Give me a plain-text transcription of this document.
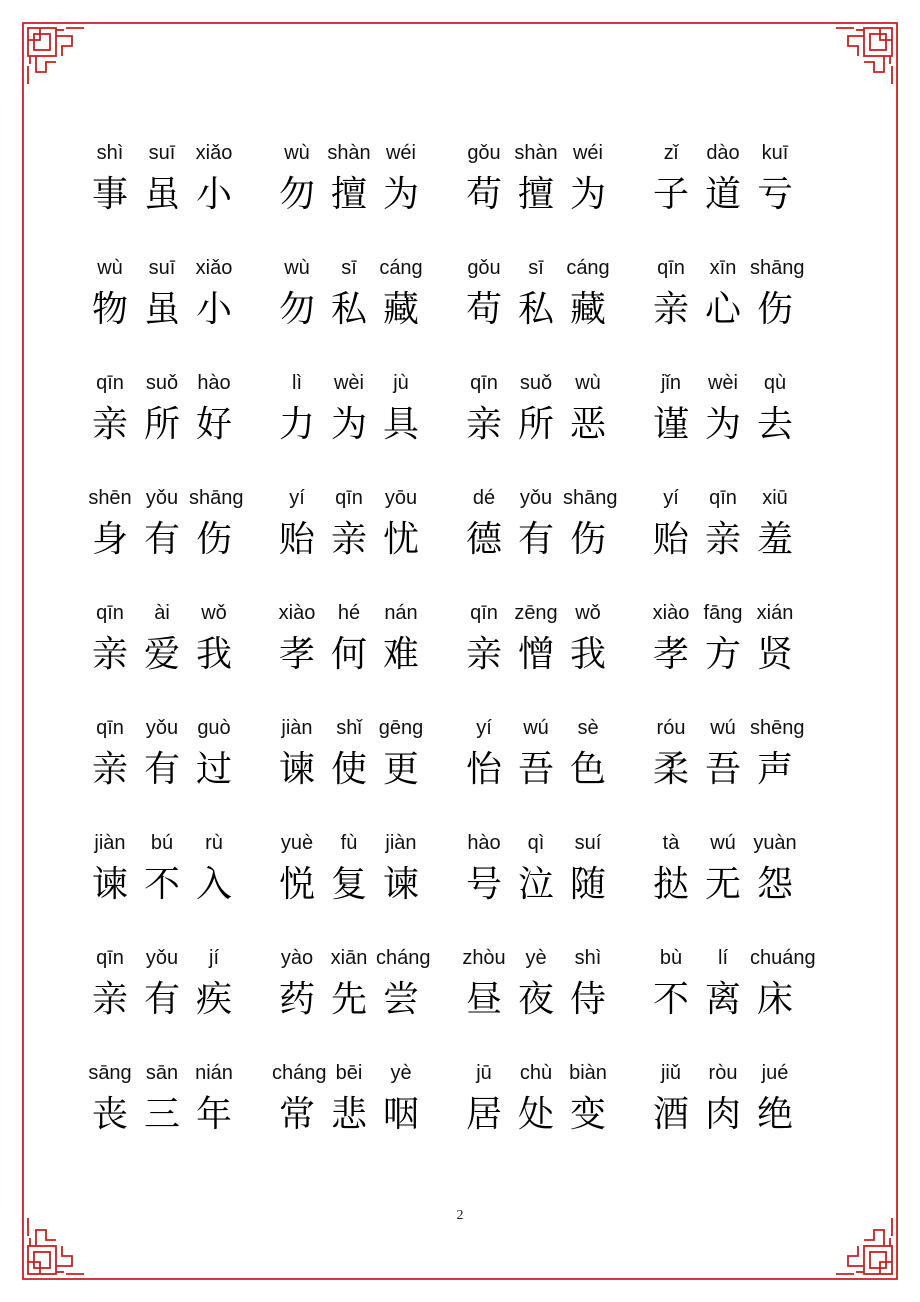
shì
事
suī
虽
xiǎo
小
wù
勿
shàn
擅
wéi
为
gǒu
苟
shàn
擅
wéi
为
zǐ
子
dào
道
kuī
亏
wù
物
suī
虽
xiǎo
小
wù
勿
sī
私
cáng
藏
gǒu
苟
sī
私
cáng
藏
qīn
亲
xīn
心
shāng
伤
qīn
亲
suǒ
所
hào
好
lì
力
wèi
为
jù
具
qīn
亲
suǒ
所
wù
恶
jǐn
谨
wèi
为
qù
去
shēn
身
yǒu
有
shāng
伤
yí
贻
qīn
亲
yōu
忧
dé
德
yǒu
有
shāng
伤
yí
贻
qīn
亲
xiū
羞
qīn
亲
ài
爱
wǒ
我
xiào
孝
hé
何
nán
难
qīn
亲
zēng
憎
wǒ
我
xiào
孝
fāng
方
xián
贤
qīn
亲
yǒu
有
guò
过
jiàn
谏
shǐ
使
gēng
更
yí
怡
wú
吾
sè
色
róu
柔
wú
吾
shēng
声
jiàn
谏
bú
不
rù
入
yuè
悦
fù
复
jiàn
谏
hào
号
qì
泣
suí
随
tà
挞
wú
无
yuàn
怨
qīn
亲
yǒu
有
jí
疾
yào
药
xiān
先
cháng
尝
zhòu
昼
yè
夜
shì
侍
bù
不
lí
离
chuáng
床
sāng
丧
sān
三
nián
年
cháng
常
bēi
悲
yè
咽
jū
居
chù
处
biàn
变
jiǔ
酒
ròu
肉
jué
绝
2
